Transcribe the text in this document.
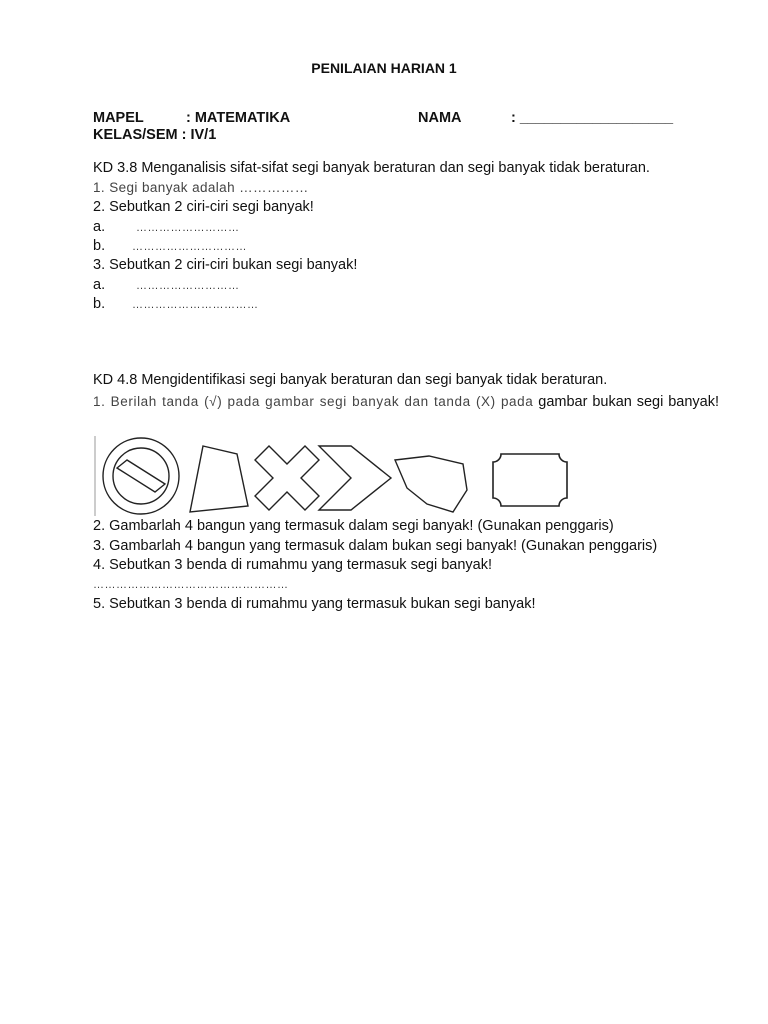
PENILAIAN HARIAN 1
MAPEL	: MATEMATIKA	NAMA	: ___________________
KELAS/SEM : IV/1
KD 3.8 Menganalisis sifat-sifat segi banyak beraturan dan segi banyak tidak beraturan.
1. Segi banyak adalah ……………
2. Sebutkan 2 ciri-ciri segi banyak!
a.	………………………
b. …………………………
3. Sebutkan 2 ciri-ciri bukan segi banyak!
a.	………………………
b. ……………………………
KD 4.8 Mengidentifikasi segi banyak beraturan dan segi banyak tidak beraturan.
1. Berilah tanda (√) pada gambar segi banyak dan tanda (X) pada gambar bukan segi banyak!
2. Gambarlah 4 bangun yang termasuk dalam segi banyak! (Gunakan penggaris)
3. Gambarlah 4 bangun yang termasuk dalam bukan segi banyak! (Gunakan penggaris)
4. Sebutkan 3 benda di rumahmu yang termasuk segi banyak!
……………………………………………
5. Sebutkan 3 benda di rumahmu yang termasuk bukan segi banyak!
